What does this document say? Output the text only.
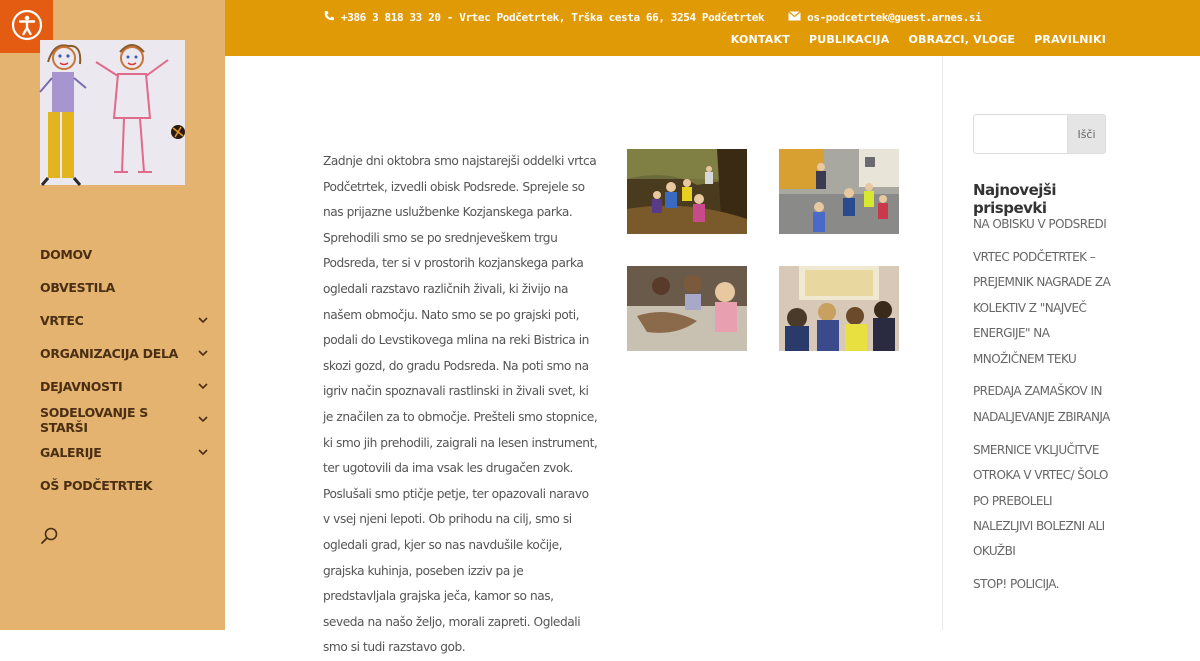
DOMOV
OBVESTILA
VRTEC
ORGANIZACIJA DELA
DEJAVNOSTI
SODELOVANJE S STARŠI
GALERIJE
OŠ PODČETRTEK
+386 3 818 33 20 - Vrtec Podčetrtek, Trška cesta 66, 3254 Podčetrtek	os-podcetrtek@guest.arnes.si
KONTAKT PUBLIKACIJA OBRAZCI, VLOGE PRAVILNIKI

Zadnje dni oktobra smo najstarejši oddelki vrtca Podčetrtek, izvedli obisk Podsrede. Sprejele so nas prijazne uslužbenke Kozjanskega parka. Sprehodili smo se po srednjeveškem trgu Podsreda, ter si v prostorih kozjanskega parka ogledali razstavo različnih živali, ki živijo na našem območju. Nato smo se po grajski poti, podali do Levstikovega mlina na reki Bistrica in skozi gozd, do gradu Podsreda. Na poti smo na igriv način spoznavali rastlinski in živali svet, ki je značilen za to območje. Prešteli smo stopnice, ki smo jih prehodili, zaigrali na lesen instrument, ter ugotovili da ima vsak les drugačen zvok. Poslušali smo ptičje petje, ter opazovali naravo v vsej njeni lepoti. Ob prihodu na cilj, smo si ogledali grad, kjer so nas navdušile kočije, grajska kuhinja, poseben izziv pa je predstavljala grajska ječa, kamor so nas, seveda na našo željo, morali zapreti. Ogledali smo si tudi razstavo gob.

Išči
Najnovejši prispevki
NA OBISKU V PODSREDI
VRTEC PODČETRTEK – PREJEMNIK NAGRADE ZA KOLEKTIV Z "NAJVEČ ENERGIJE" NA MNOŽIČNEM TEKU
PREDAJA ZAMAŠKOV IN NADALJEVANJE ZBIRANJA
SMERNICE VKLJUČITVE OTROKA V VRTEC/ ŠOLO PO PREBOLELI NALEZLJIVI BOLEZNI ALI OKUŽBI
STOP! POLICIJA.
